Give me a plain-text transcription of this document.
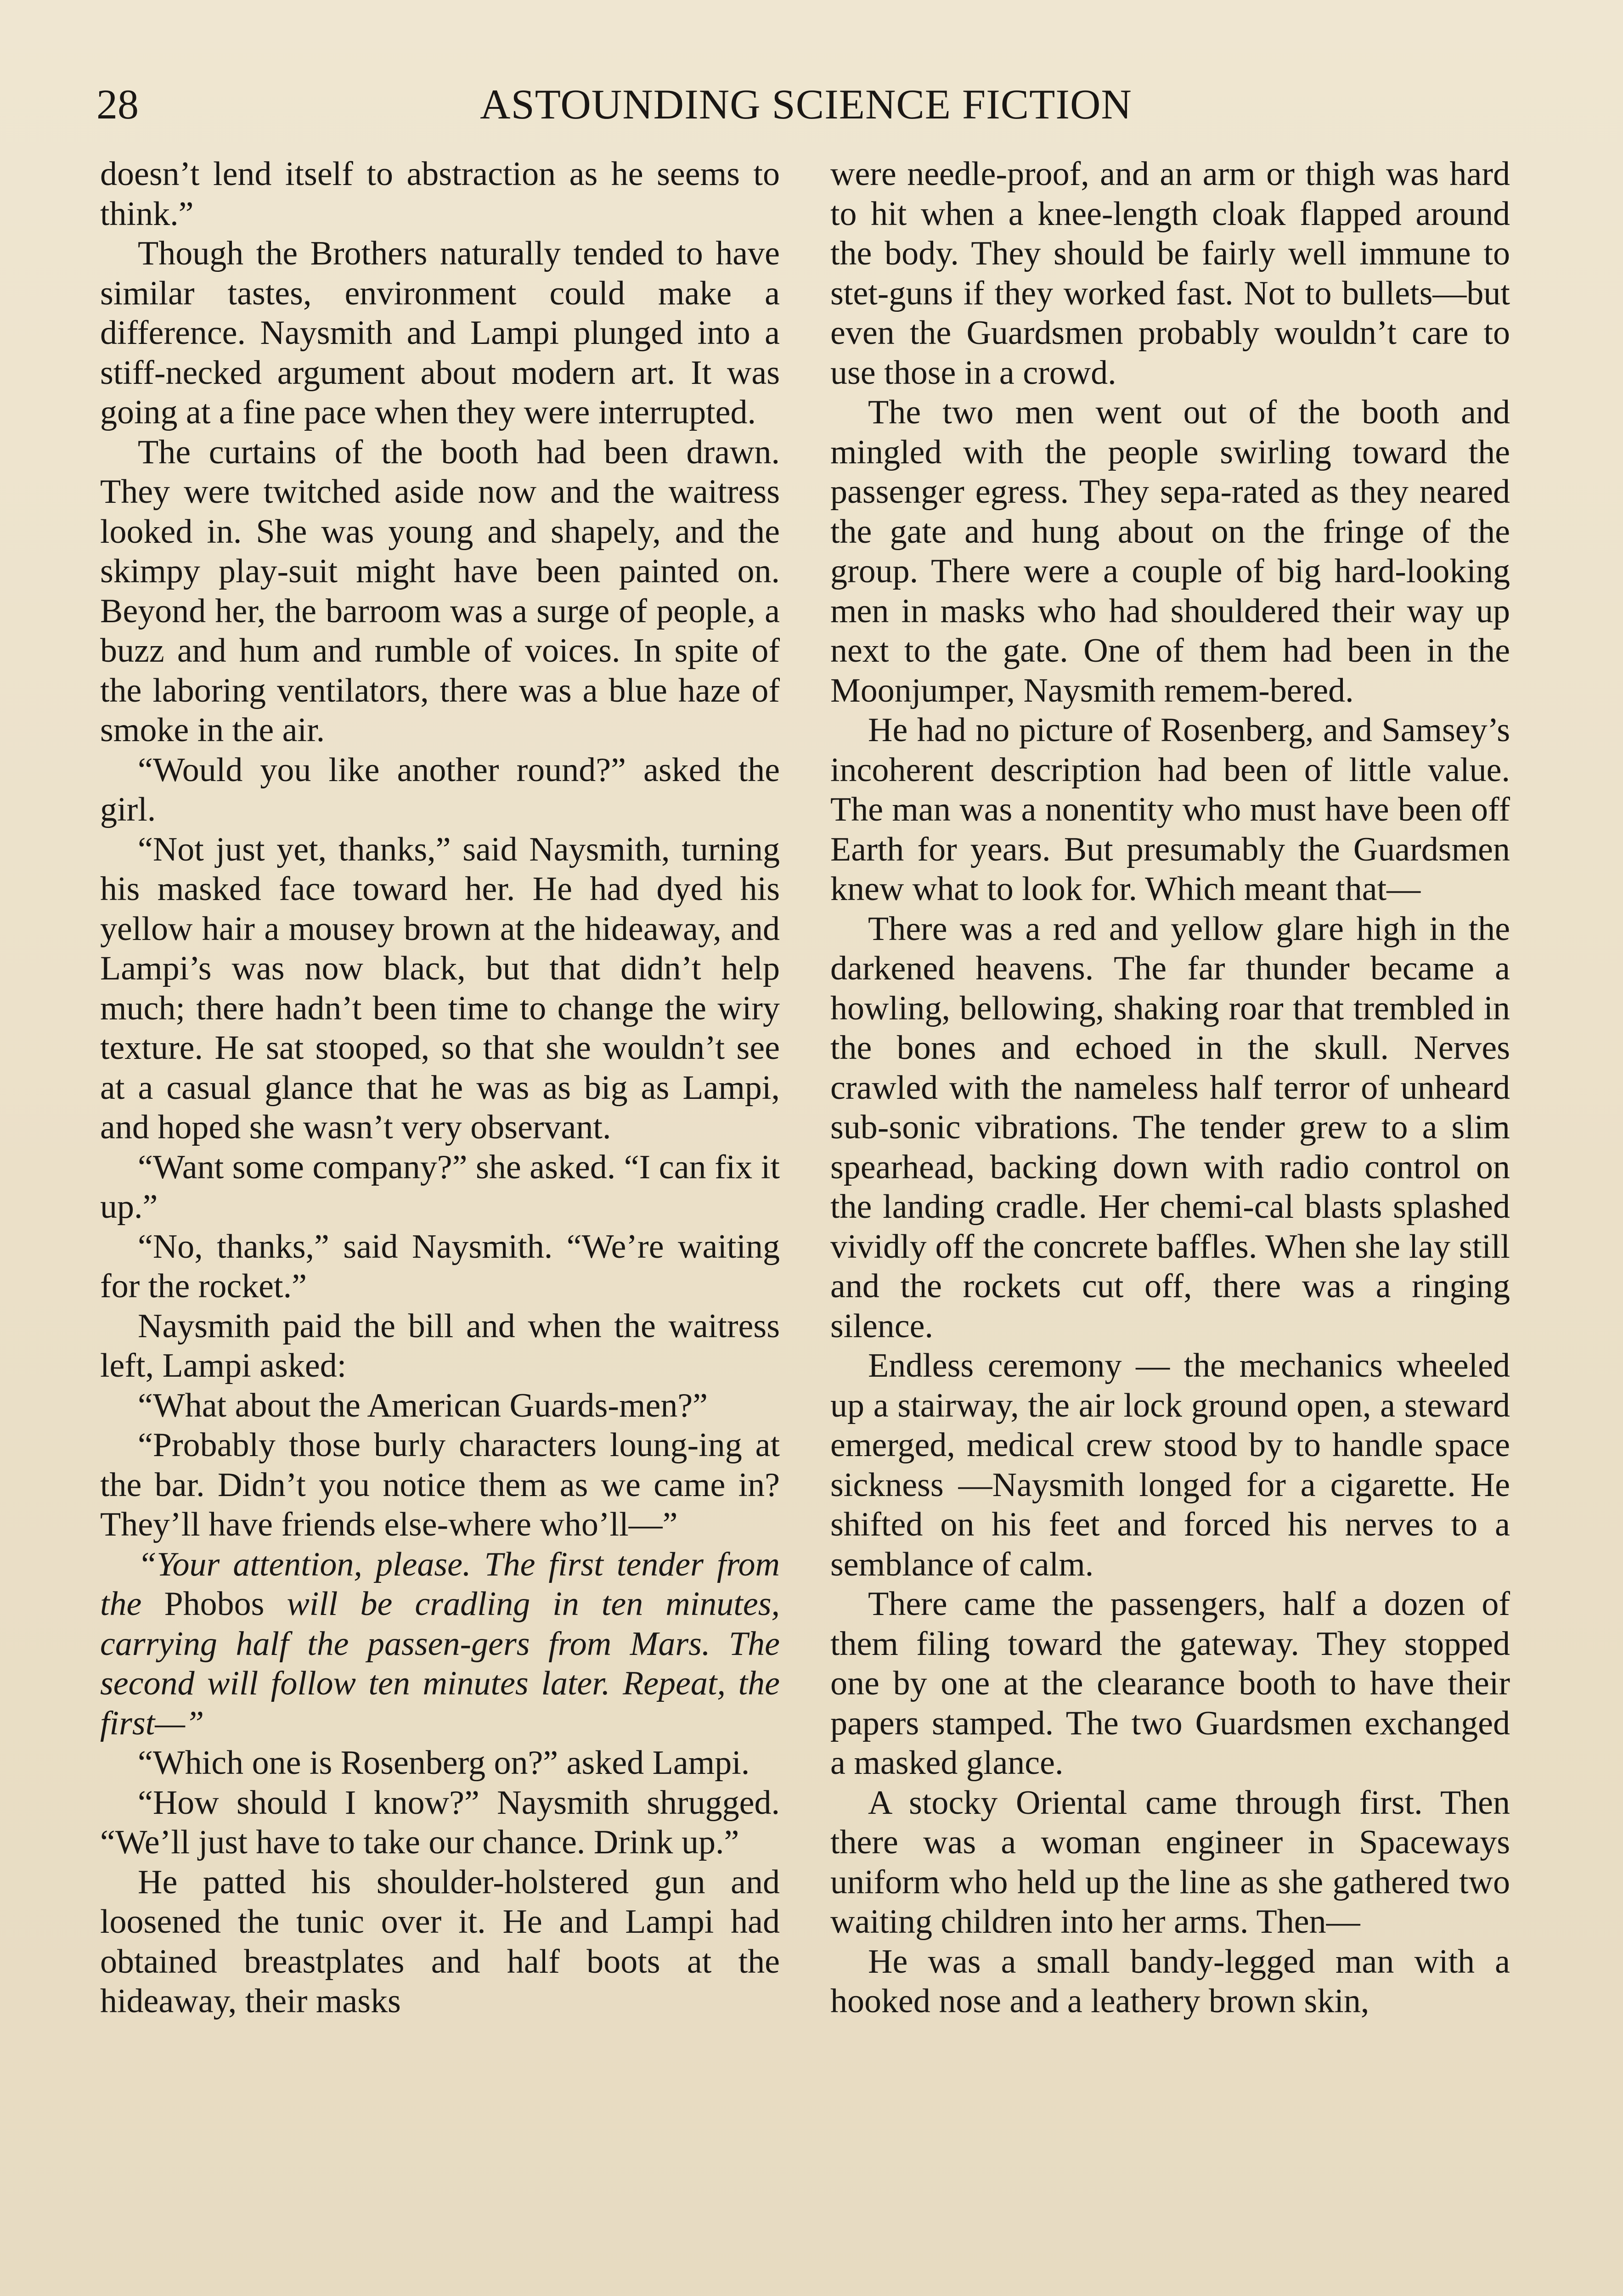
28	ASTOUNDING SCIENCE FICTION

doesn’t lend itself to abstraction as he seems to think.”

Though the Brothers naturally tended to have similar tastes, environment could make a difference. Naysmith and Lampi plunged into a stiff-necked argument about modern art. It was going at a fine pace when they were interrupted.

The curtains of the booth had been drawn. They were twitched aside now and the waitress looked in. She was young and shapely, and the skimpy play-suit might have been painted on. Beyond her, the barroom was a surge of people, a buzz and hum and rumble of voices. In spite of the laboring ventilators, there was a blue haze of smoke in the air.

“Would you like another round?” asked the girl.

“Not just yet, thanks,” said Naysmith, turning his masked face toward her. He had dyed his yellow hair a mousey brown at the hideaway, and Lampi’s was now black, but that didn’t help much; there hadn’t been time to change the wiry texture. He sat stooped, so that she wouldn’t see at a casual glance that he was as big as Lampi, and hoped she wasn’t very observant.

“Want some company?” she asked. “I can fix it up.”

“No, thanks,” said Naysmith. “We’re waiting for the rocket.”

Naysmith paid the bill and when the waitress left, Lampi asked:

“What about the American Guards-men?”

“Probably those burly characters loung-ing at the bar. Didn’t you notice them as we came in? They’ll have friends else-where who’ll—”

“Your attention, please. The first tender from the Phobos will be cradling in ten minutes, carrying half the passen-gers from Mars. The second will follow ten minutes later. Repeat, the first—”

“Which one is Rosenberg on?” asked Lampi.

“How should I know?” Naysmith shrugged. “We’ll just have to take our chance. Drink up.”

He patted his shoulder-holstered gun and loosened the tunic over it. He and Lampi had obtained breastplates and half boots at the hideaway, their masks

were needle-proof, and an arm or thigh was hard to hit when a knee-length cloak flapped around the body. They should be fairly well immune to stet-guns if they worked fast. Not to bullets—but even the Guardsmen probably wouldn’t care to use those in a crowd.

The two men went out of the booth and mingled with the people swirling toward the passenger egress. They sepa-rated as they neared the gate and hung about on the fringe of the group. There were a couple of big hard-looking men in masks who had shouldered their way up next to the gate. One of them had been in the Moonjumper, Naysmith remem-bered.

He had no picture of Rosenberg, and Samsey’s incoherent description had been of little value. The man was a nonentity who must have been off Earth for years. But presumably the Guardsmen knew what to look for. Which meant that—

There was a red and yellow glare high in the darkened heavens. The far thunder became a howling, bellowing, shaking roar that trembled in the bones and echoed in the skull. Nerves crawled with the nameless half terror of unheard sub-sonic vibrations. The tender grew to a slim spearhead, backing down with radio control on the landing cradle. Her chemi-cal blasts splashed vividly off the concrete baffles. When she lay still and the rockets cut off, there was a ringing silence.

Endless ceremony — the mechanics wheeled up a stairway, the air lock ground open, a steward emerged, medical crew stood by to handle space sickness —Naysmith longed for a cigarette. He shifted on his feet and forced his nerves to a semblance of calm.

There came the passengers, half a dozen of them filing toward the gateway. They stopped one by one at the clearance booth to have their papers stamped. The two Guardsmen exchanged a masked glance.

A stocky Oriental came through first. Then there was a woman engineer in Spaceways uniform who held up the line as she gathered two waiting children into her arms. Then—

He was a small bandy-legged man with a hooked nose and a leathery brown skin,
